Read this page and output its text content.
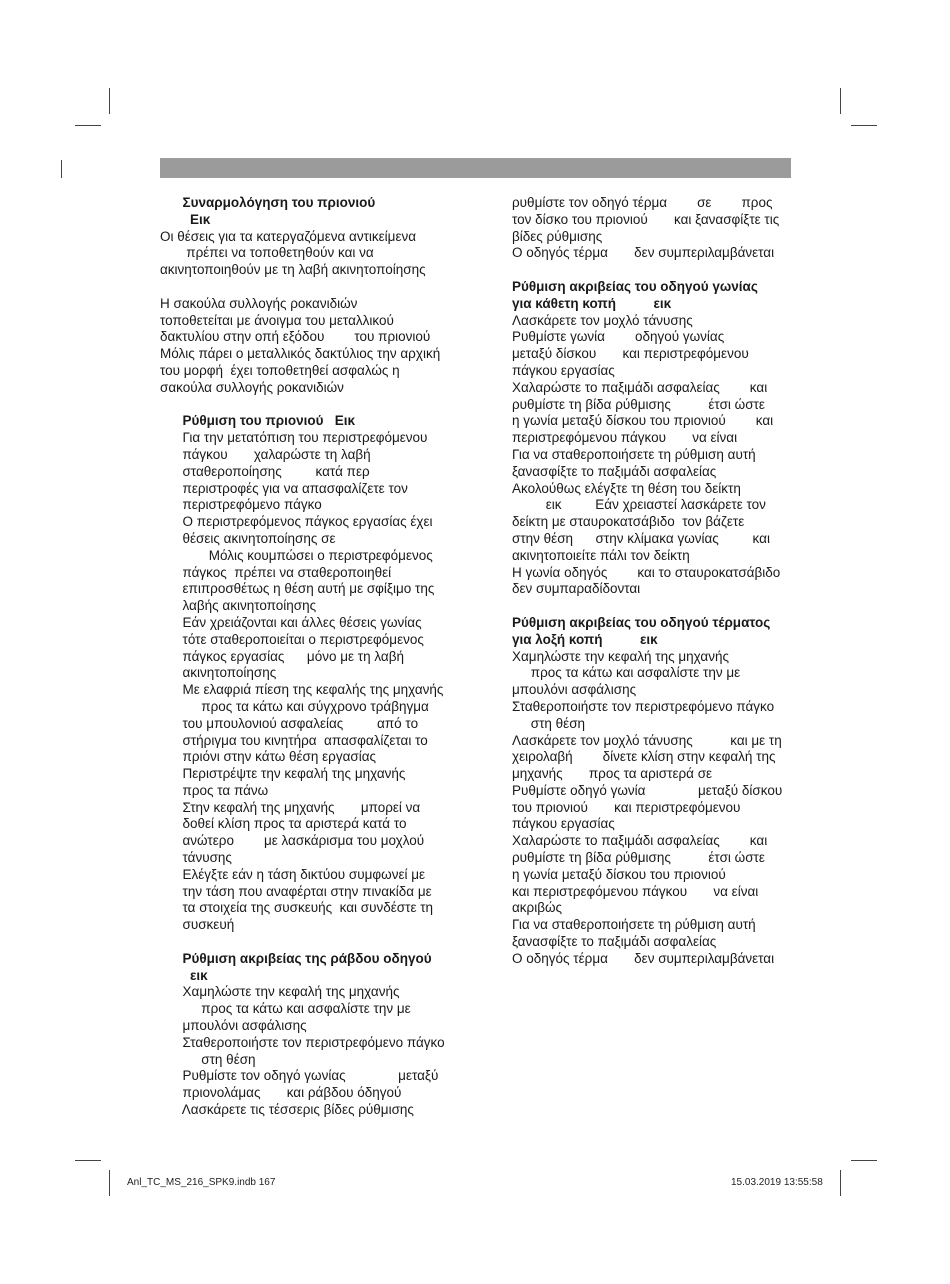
Συναρμολόγηση του πριονιού
Εικ
Οι θέσεις για τα κατεργαζόμενα αντικείμενα
πρέπει να τοποθετηθούν και να
ακινητοποιηθούν με τη λαβή ακινητοποίησης
Η σακούλα συλλογής ροκανιδιών
τοποθετείται με άνοιγμα του μεταλλικού
δακτυλίου στην οπή εξόδου        του πριονιού
Μόλις πάρει ο μεταλλικός δακτύλιος την αρχική
του μορφή  έχει τοποθετηθεί ασφαλώς η
σακούλα συλλογής ροκανιδιών
Ρύθμιση του πριονιού   Εικ
Για την μετατόπιση του περιστρεφόμενου
πάγκου       χαλαρώστε τη λαβή
σταθεροποίησης         κατά περ
περιστροφές για να απασφαλίζετε τον
περιστρεφόμενο πάγκο
Ο περιστρεφόμενος πάγκος εργασίας έχει
θέσεις ακινητοποίησης σε
Μόλις κουμπώσει ο περιστρεφόμενος
πάγκος  πρέπει να σταθεροποιηθεί
επιπροσθέτως η θέση αυτή με σφίξιμο της
λαβής ακινητοποίησης
Εάν χρειάζονται και άλλες θέσεις γωνίας
τότε σταθεροποιείται ο περιστρεφόμενος
πάγκος εργασίας      μόνο με τη λαβή
ακινητοποίησης
Με ελαφριά πίεση της κεφαλής της μηχανής
προς τα κάτω και σύγχρονο τράβηγμα
του μπουλονιού ασφαλείας         από το
στήριγμα του κινητήρα  απασφαλίζεται το
πριόνι στην κάτω θέση εργασίας
Περιστρέψτε την κεφαλή της μηχανής
προς τα πάνω
Στην κεφαλή της μηχανής       μπορεί να
δοθεί κλίση προς τα αριστερά κατά το
ανώτερο        με λασκάρισμα του μοχλού
τάνυσης
Ελέγξτε εάν η τάση δικτύου συμφωνεί με
την τάση που αναφέρται στην πινακίδα με
τα στοιχεία της συσκευής  και συνδέστε τη
συσκευή
Ρύθμιση ακριβείας της ράβδου οδηγού
εικ
Χαμηλώστε την κεφαλή της μηχανής
προς τα κάτω και ασφαλίστε την με
μπουλόνι ασφάλισης
Σταθεροποιήστε τον περιστρεφόμενο πάγκο
στη θέση
Ρυθμίστε τον οδηγό γωνίας              μεταξύ
πριονολάμας       και ράβδου όδηγού
Λασκάρετε τις τέσσερις βίδες ρύθμισης
ρυθμίστε τον οδηγό τέρμα        σε        προς
τον δίσκο του πριονιού       και ξανασφίξτε τις
βίδες ρύθμισης
Ο οδηγός τέρμα       δεν συμπεριλαμβάνεται
Ρύθμιση ακριβείας του οδηγού γωνίας
για κάθετη κοπή          εικ
Λασκάρετε τον μοχλό τάνυσης
Ρυθμίστε γωνία        οδηγού γωνίας
μεταξύ δίσκου       και περιστρεφόμενου
πάγκου εργασίας
Χαλαρώστε το παξιμάδι ασφαλείας        και
ρυθμίστε τη βίδα ρύθμισης          έτσι ώστε
η γωνία μεταξύ δίσκου του πριονιού        και
περιστρεφόμενου πάγκου       να είναι
Για να σταθεροποιήσετε τη ρύθμιση αυτή
ξανασφίξτε το παξιμάδι ασφαλείας
Ακολούθως ελέγξτε τη θέση του δείκτη
εικ         Εάν χρειαστεί λασκάρετε τον
δείκτη με σταυροκατσάβιδο  τον βάζετε
στην θέση      στην κλίμακα γωνίας         και
ακινητοποιείτε πάλι τον δείκτη
Η γωνία οδηγός        και το σταυροκατσάβιδο
δεν συμπαραδίδονται
Ρύθμιση ακριβείας του οδηγού τέρματος
για λοξή κοπή          εικ
Χαμηλώστε την κεφαλή της μηχανής
προς τα κάτω και ασφαλίστε την με
μπουλόνι ασφάλισης
Σταθεροποιήστε τον περιστρεφόμενο πάγκο
στη θέση
Λασκάρετε τον μοχλό τάνυσης          και με τη
χειρολαβή        δίνετε κλίση στην κεφαλή της
μηχανής       προς τα αριστερά σε
Ρυθμίστε οδηγό γωνία              μεταξύ δίσκου
του πριονιού       και περιστρεφόμενου
πάγκου εργασίας
Χαλαρώστε το παξιμάδι ασφαλείας        και
ρυθμίστε τη βίδα ρύθμισης          έτσι ώστε
η γωνία μεταξύ δίσκου του πριονιού
και περιστρεφόμενου πάγκου       να είναι
ακριβώς
Για να σταθεροποιήσετε τη ρύθμιση αυτή
ξανασφίξτε το παξιμάδι ασφαλείας
Ο οδηγός τέρμα       δεν συμπεριλαμβάνεται
Anl_TC_MS_216_SPK9.indb 167	15.03.2019 13:55:58
